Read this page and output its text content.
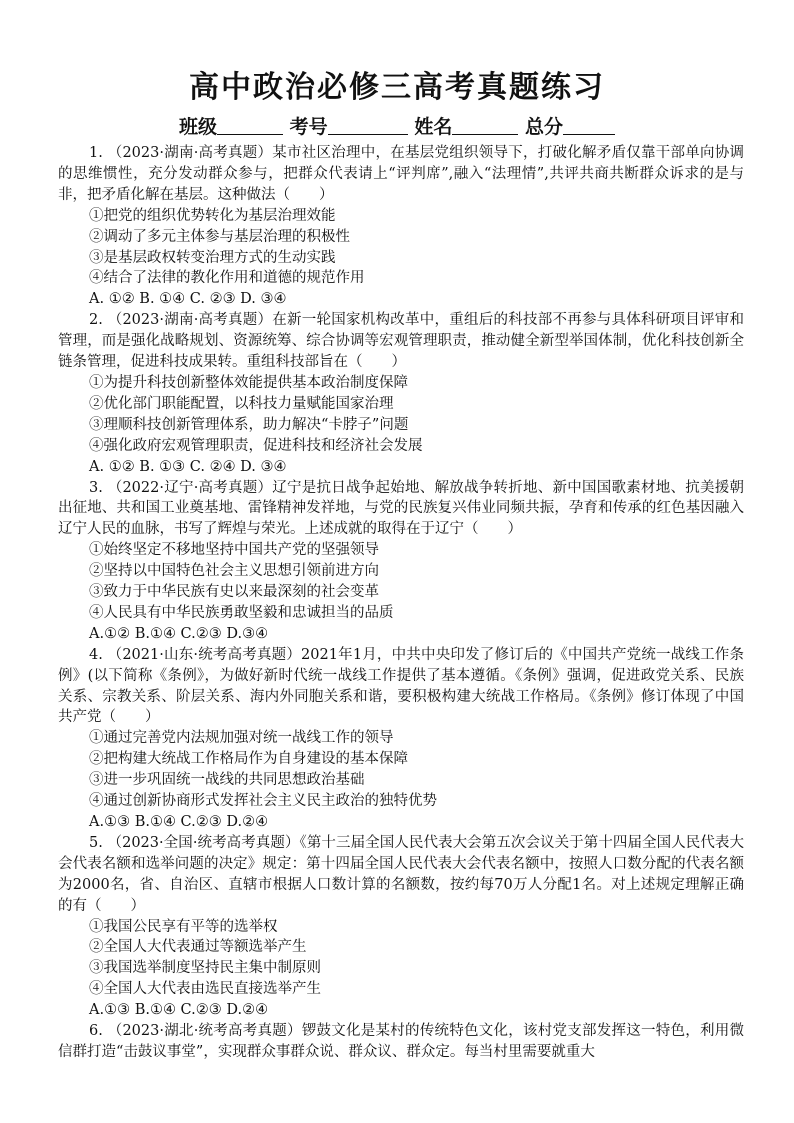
高中政治必修三高考真题练习
班级	考号	姓名	总分

1. （2023·湖南·高考真题）某市社区治理中，在基层党组织领导下，打破化解矛盾仅靠干部单向协调的思维惯性，充分发动群众参与，把群众代表请上“评判席”,融入“法理情”,共评共商共断群众诉求的是与非，把矛盾化解在基层。这种做法（　　）

①把党的组织优势转化为基层治理效能

②调动了多元主体参与基层治理的积极性

③是基层政权转变治理方式的生动实践

④结合了法律的教化作用和道德的规范作用

A. ①② B. ①④ C. ②③ D. ③④

2. （2023·湖南·高考真题）在新一轮国家机构改革中，重组后的科技部不再参与具体科研项目评审和管理，而是强化战略规划、资源统筹、综合协调等宏观管理职责，推动健全新型举国体制，优化科技创新全链条管理，促进科技成果转。重组科技部旨在（　　）

①为提升科技创新整体效能提供基本政治制度保障

②优化部门职能配置，以科技力量赋能国家治理

③理顺科技创新管理体系，助力解决“卡脖子”问题

④强化政府宏观管理职责，促进科技和经济社会发展

A. ①② B. ①③ C. ②④ D. ③④

3. （2022·辽宁·高考真题）辽宁是抗日战争起始地、解放战争转折地、新中国国歌素材地、抗美援朝出征地、共和国工业奠基地、雷锋精神发祥地，与党的民族复兴伟业同频共振，孕育和传承的红色基因融入辽宁人民的血脉，书写了辉煌与荣光。上述成就的取得在于辽宁（　　）

①始终坚定不移地坚持中国共产党的坚强领导

②坚持以中国特色社会主义思想引领前进方向

③致力于中华民族有史以来最深刻的社会变革

④人民具有中华民族勇敢坚毅和忠诚担当的品质

A.①② B.①④ C.②③ D.③④

4. （2021·山东·统考高考真题）2021年1月，中共中央印发了修订后的《中国共产党统一战线工作条例》(以下简称《条例》，为做好新时代统一战线工作提供了基本遵循。《条例》强调，促进政党关系、民族关系、宗教关系、阶层关系、海内外同胞关系和谐，要积极构建大统战工作格局。《条例》修订体现了中国共产党（　　）

①通过完善党内法规加强对统一战线工作的领导

②把构建大统战工作格局作为自身建设的基本保障

③进一步巩固统一战线的共同思想政治基础

④通过创新协商形式发挥社会主义民主政治的独特优势

A.①③ B.①④ C.②③ D.②④

5. （2023·全国·统考高考真题）《第十三届全国人民代表大会第五次会议关于第十四届全国人民代表大会代表名额和选举问题的决定》规定：第十四届全国人民代表大会代表名额中，按照人口数分配的代表名额为2000名，省、自治区、直辖市根据人口数计算的名额数，按约每70万人分配1名。对上述规定理解正确的有（　　）

①我国公民享有平等的选举权

②全国人大代表通过等额选举产生

③我国选举制度坚持民主集中制原则

④全国人大代表由选民直接选举产生

A.①③ B.①④ C.②③ D.②④

6. （2023·湖北·统考高考真题）锣鼓文化是某村的传统特色文化，该村党支部发挥这一特色，利用微信群打造“击鼓议事堂”，实现群众事群众说、群众议、群众定。每当村里需要就重大
